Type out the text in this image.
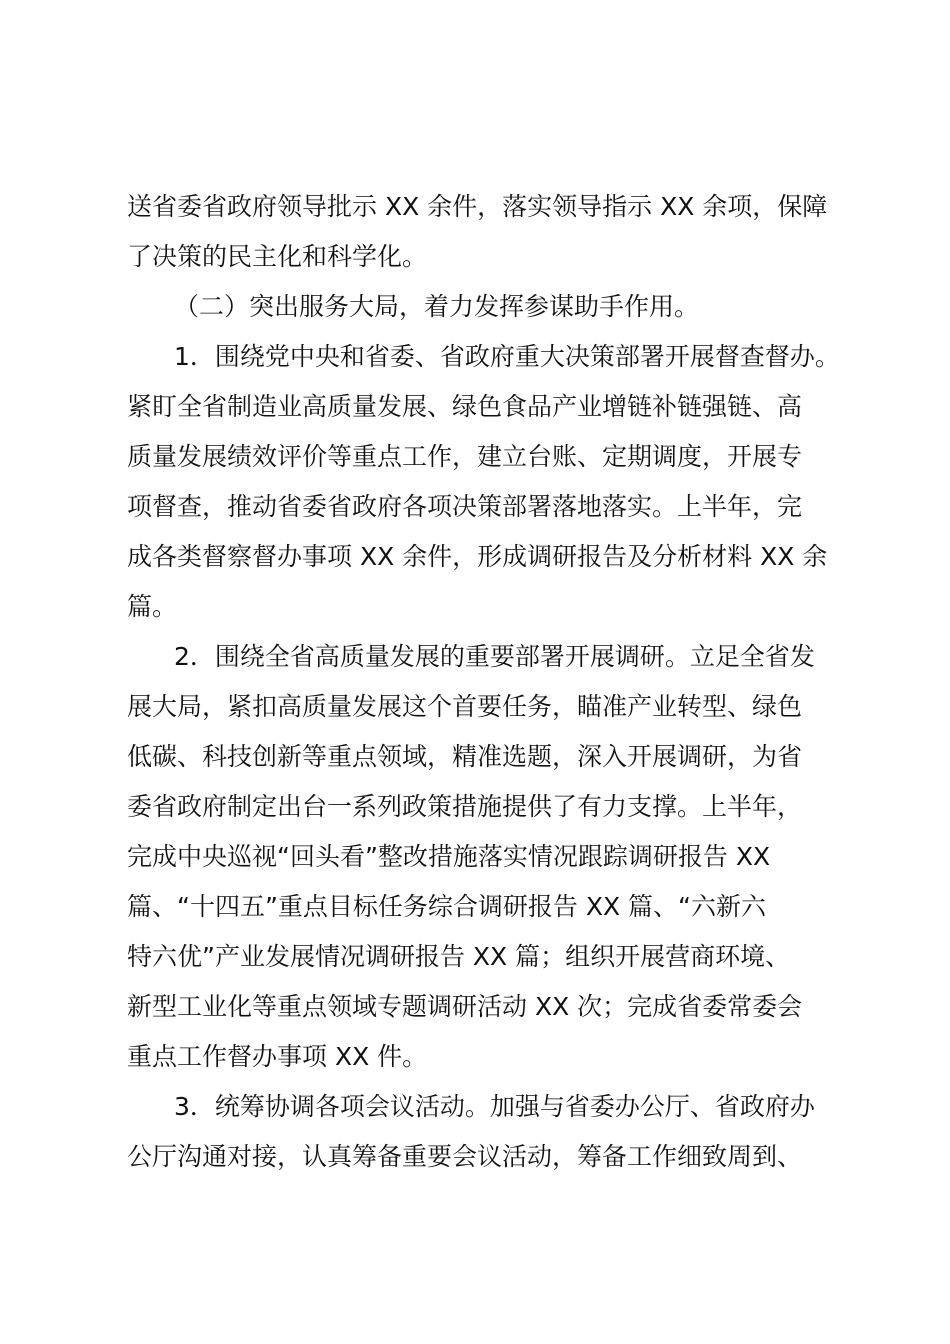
送省委省政府领导批示 XX 余件，落实领导指示 XX 余项，保障
了决策的民主化和科学化。
（二）突出服务大局，着力发挥参谋助手作用。
1．围绕党中央和省委、省政府重大决策部署开展督查督办。
紧盯全省制造业高质量发展、绿色食品产业增链补链强链、高
质量发展绩效评价等重点工作，建立台账、定期调度，开展专
项督查，推动省委省政府各项决策部署落地落实。上半年，完
成各类督察督办事项 XX 余件，形成调研报告及分析材料 XX 余
篇。
2．围绕全省高质量发展的重要部署开展调研。立足全省发
展大局，紧扣高质量发展这个首要任务，瞄准产业转型、绿色
低碳、科技创新等重点领域，精准选题，深入开展调研，为省
委省政府制定出台一系列政策措施提供了有力支撑。上半年，
完成中央巡视“回头看”整改措施落实情况跟踪调研报告 XX
篇、“十四五”重点目标任务综合调研报告 XX 篇、“六新六
特六优”产业发展情况调研报告 XX 篇；组织开展营商环境、
新型工业化等重点领域专题调研活动 XX 次；完成省委常委会
重点工作督办事项 XX 件。
3．统筹协调各项会议活动。加强与省委办公厅、省政府办
公厅沟通对接，认真筹备重要会议活动，筹备工作细致周到、
